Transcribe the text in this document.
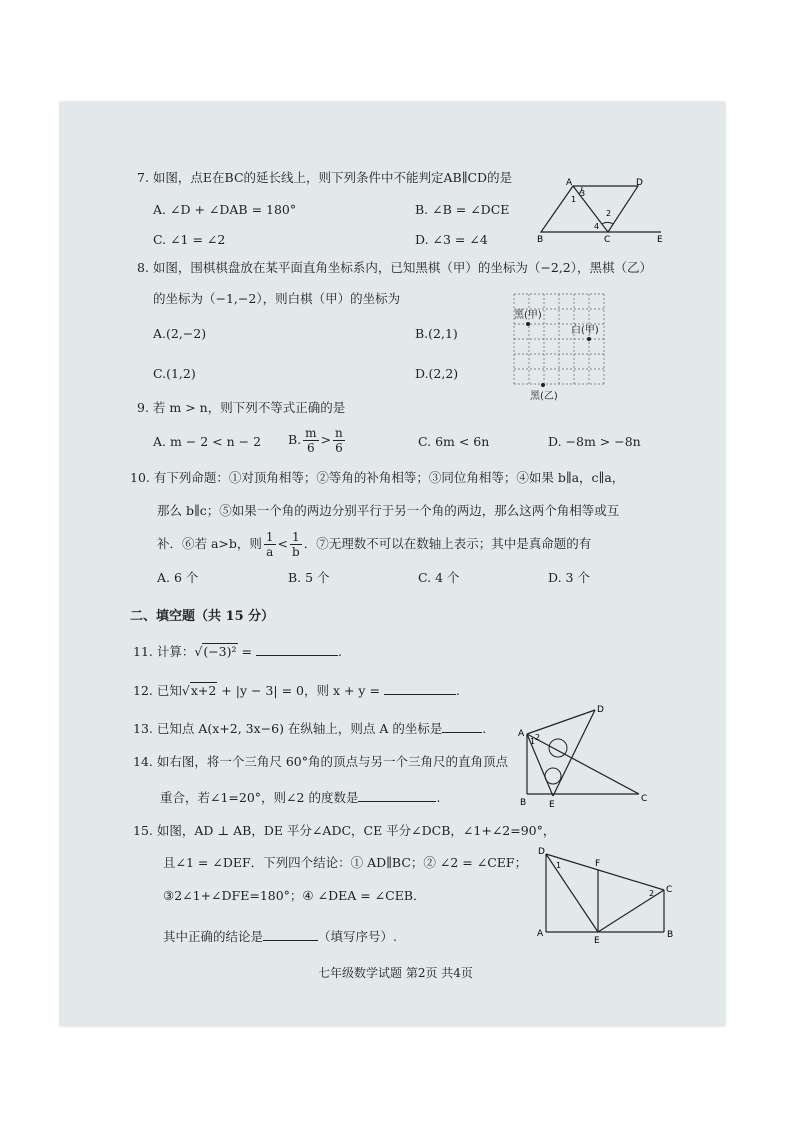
7. 如图，点E在BC的延长线上，则下列条件中不能判定AB∥CD的是
A. ∠D + ∠DAB = 180°	B. ∠B = ∠DCE
C. ∠1 = ∠2	D. ∠3 = ∠4
A	D
B	C	E
1
3
2
4
8. 如图，围棋棋盘放在某平面直角坐标系内，已知黑棋（甲）的坐标为（−2,2），黑棋（乙）
的坐标为（−1,−2），则白棋（甲）的坐标为
A.(2,−2)	B.(2,1)
C.(1,2)	D.(2,2)
黑(甲)
白(甲)
黑(乙)
9. 若 m > n，则下列不等式正确的是
A. m − 2 < n − 2 B. $\frac{m}{6} > \frac{n}{6}$	C. 6m < 6n	D. −8m > −8n
10. 有下列命题：①对顶角相等；②等角的补角相等；③同位角相等；④如果 b∥a，c∥a，
那么 b∥c；⑤如果一个角的两边分别平行于另一个角的两边，那么这两个角相等或互
补．⑥若 a>b，则 $\frac{1}{a} < \frac{1}{b}$ ．⑦无理数不可以在数轴上表示；其中是真命题的有
A. 6 个	B. 5 个	C. 4 个	D. 3 个
二、填空题（共 15 分）
11. 计算：√(−3)² =	.
12. 已知√x+2 + |y − 3| = 0，则 x + y =	.
13. 已知点 A(x+2, 3x−6) 在纵轴上，则点 A 的坐标是	.	A
D
B	E
C
1 2
14. 如右图，将一个三角尺 60°角的顶点与另一个三角尺的直角顶点
重合，若∠1=20°，则∠2 的度数是	.
15. 如图，AD ⊥ AB，DE 平分∠ADC，CE 平分∠DCB，∠1+∠2=90°，
且∠1 = ∠DEF．下列四个结论：① AD∥BC；② ∠2 = ∠CEF；
③2∠1+∠DFE=180°；④ ∠DEA = ∠CEB．
其中正确的结论是	（填写序号）.
D
F
C
A
E
B
1
2
七年级数学试题 第2页 共4页
